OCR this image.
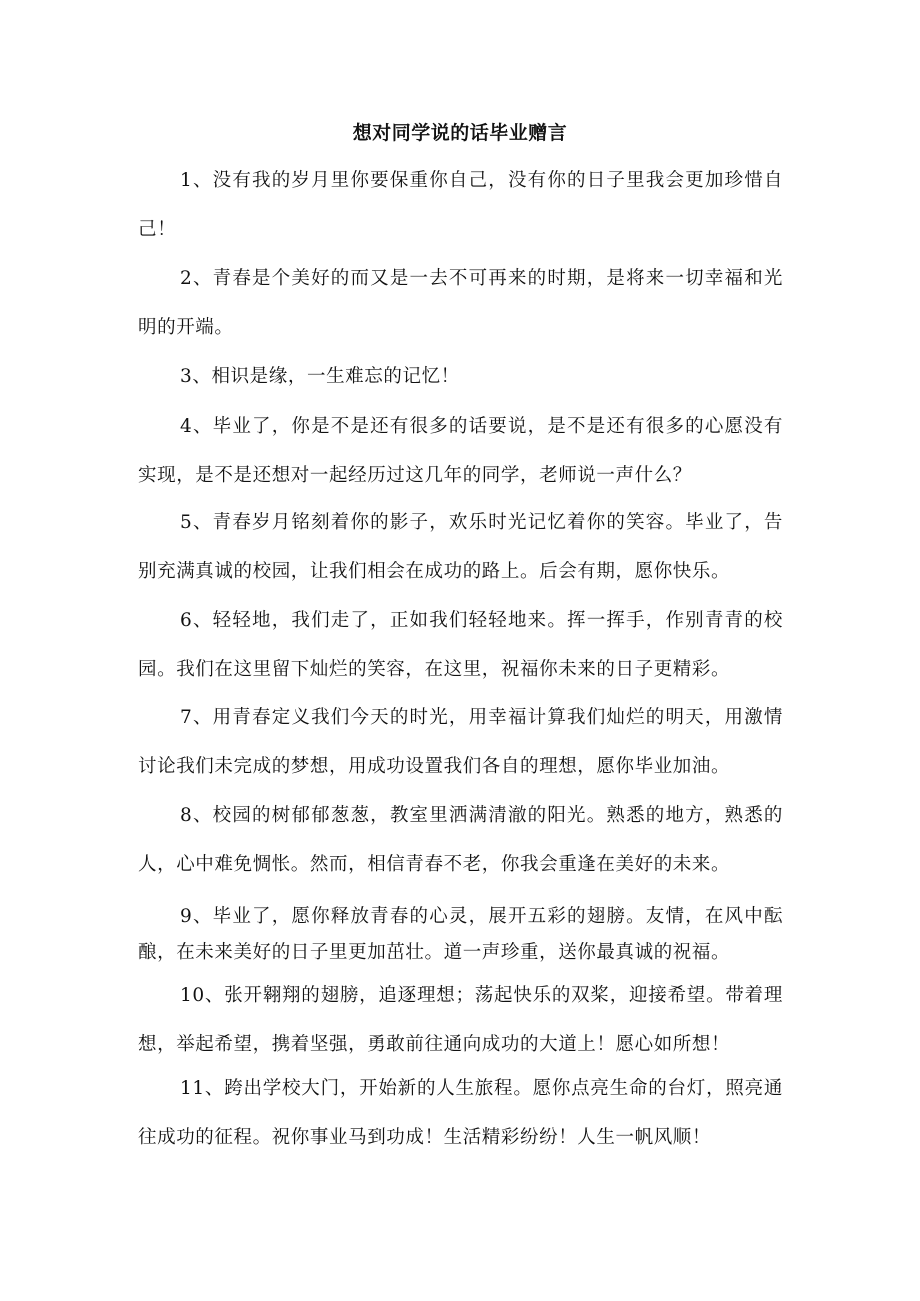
想对同学说的话毕业赠言

1、没有我的岁月里你要保重你自己，没有你的日子里我会更加珍惜自己！

2、青春是个美好的而又是一去不可再来的时期，是将来一切幸福和光明的开端。

3、相识是缘，一生难忘的记忆！

4、毕业了，你是不是还有很多的话要说，是不是还有很多的心愿没有实现，是不是还想对一起经历过这几年的同学，老师说一声什么？

5、青春岁月铭刻着你的影子，欢乐时光记忆着你的笑容。毕业了，告别充满真诚的校园，让我们相会在成功的路上。后会有期，愿你快乐。

6、轻轻地，我们走了，正如我们轻轻地来。挥一挥手，作别青青的校园。我们在这里留下灿烂的笑容，在这里，祝福你未来的日子更精彩。

7、用青春定义我们今天的时光，用幸福计算我们灿烂的明天，用激情讨论我们未完成的梦想，用成功设置我们各自的理想，愿你毕业加油。

8、校园的树郁郁葱葱，教室里洒满清澈的阳光。熟悉的地方，熟悉的人，心中难免惆怅。然而，相信青春不老，你我会重逢在美好的未来。

9、毕业了，愿你释放青春的心灵，展开五彩的翅膀。友情，在风中酝酿，在未来美好的日子里更加茁壮。道一声珍重，送你最真诚的祝福。

10、张开翱翔的翅膀，追逐理想；荡起快乐的双桨，迎接希望。带着理想，举起希望，携着坚强，勇敢前往通向成功的大道上！愿心如所想！

11、跨出学校大门，开始新的人生旅程。愿你点亮生命的台灯，照亮通往成功的征程。祝你事业马到功成！生活精彩纷纷！人生一帆风顺！
